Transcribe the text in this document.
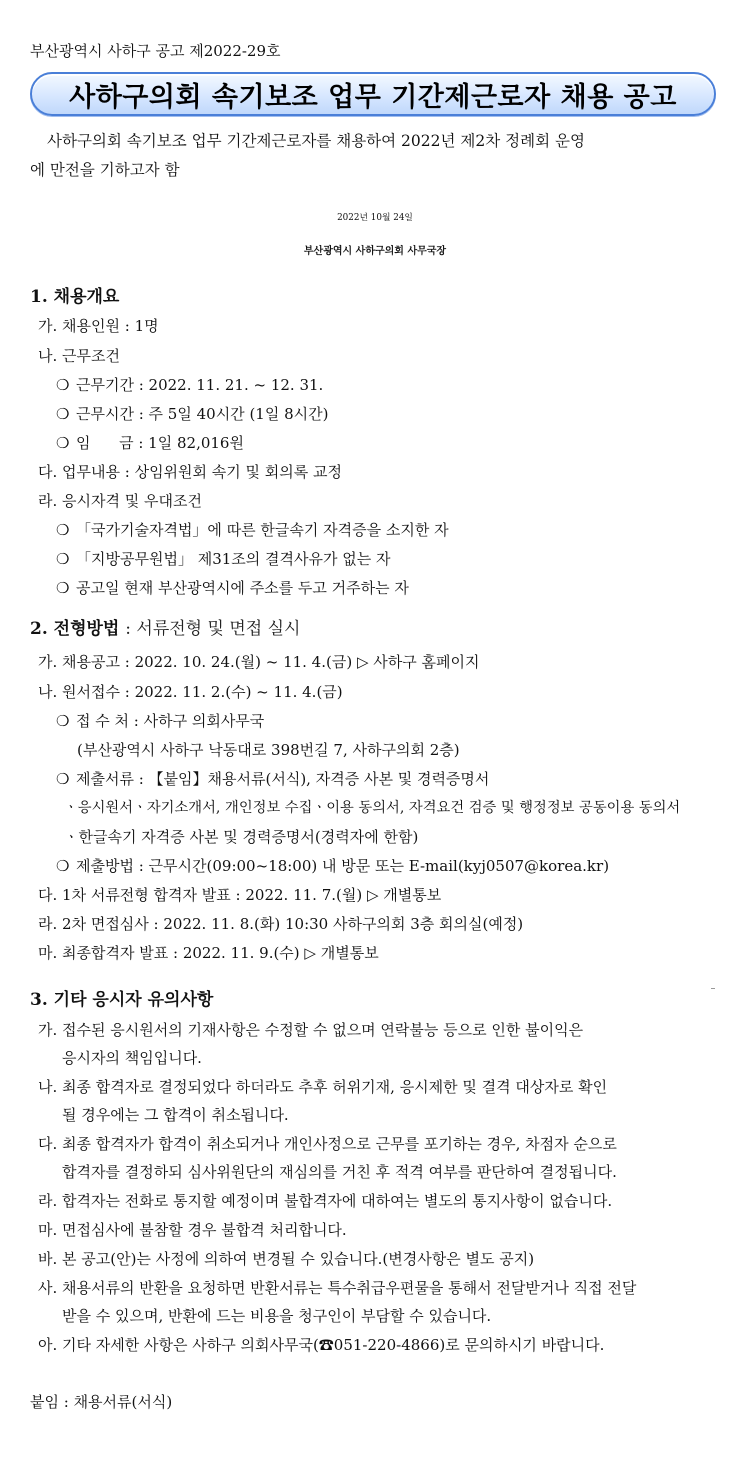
부산광역시 사하구 공고 제2022-29호
사하구의회 속기보조 업무 기간제근로자 채용 공고
사하구의회 속기보조 업무 기간제근로자를 채용하여 2022년 제2차 정례회 운영
에 만전을 기하고자 함
2022년 10월 24일
부산광역시 사하구의회 사무국장
1. 채용개요
가. 채용인원 : 1명
나. 근무조건
❍ 근무기간 : 2022. 11. 21. ~ 12. 31.
❍ 근무시간 : 주 5일 40시간 (1일 8시간)
❍ 임      금 : 1일 82,016원
다. 업무내용 : 상임위원회 속기 및 회의록 교정
라. 응시자격 및 우대조건
❍ 「국가기술자격법」에 따른 한글속기 자격증을 소지한 자
❍ 「지방공무원법」 제31조의 결격사유가 없는 자
❍ 공고일 현재 부산광역시에 주소를 두고 거주하는 자
2. 전형방법 : 서류전형 및 면접 실시
가. 채용공고 : 2022. 10. 24.(월) ~ 11. 4.(금) ▷ 사하구 홈페이지
나. 원서접수 : 2022. 11. 2.(수) ~ 11. 4.(금)
❍ 접 수 처 : 사하구 의회사무국
(부산광역시 사하구 낙동대로 398번길 7, 사하구의회 2층)
❍ 제출서류 : 【붙임】채용서류(서식), 자격증 사본 및 경력증명서
ㆍ응시원서ㆍ자기소개서, 개인정보 수집ㆍ이용 동의서, 자격요건 검증 및 행정정보 공동이용 동의서
ㆍ한글속기 자격증 사본 및 경력증명서(경력자에 한함)
❍ 제출방법 : 근무시간(09:00~18:00) 내 방문 또는 E-mail(kyj0507@korea.kr)
다. 1차 서류전형 합격자 발표 : 2022. 11. 7.(월) ▷ 개별통보
라. 2차 면접심사 : 2022. 11. 8.(화) 10:30 사하구의회 3층 회의실(예정)
마. 최종합격자 발표 : 2022. 11. 9.(수) ▷ 개별통보
3. 기타 응시자 유의사항
가. 접수된 응시원서의 기재사항은 수정할 수 없으며 연락불능 등으로 인한 불이익은
응시자의 책임입니다.
나. 최종 합격자로 결정되었다 하더라도 추후 허위기재, 응시제한 및 결격 대상자로 확인
될 경우에는 그 합격이 취소됩니다.
다. 최종 합격자가 합격이 취소되거나 개인사정으로 근무를 포기하는 경우, 차점자 순으로
합격자를 결정하되 심사위원단의 재심의를 거친 후 적격 여부를 판단하여 결정됩니다.
라. 합격자는 전화로 통지할 예정이며 불합격자에 대하여는 별도의 통지사항이 없습니다.
마. 면접심사에 불참할 경우 불합격 처리합니다.
바. 본 공고(안)는 사정에 의하여 변경될 수 있습니다.(변경사항은 별도 공지)
사. 채용서류의 반환을 요청하면 반환서류는 특수취급우편물을 통해서 전달받거나 직접 전달
받을 수 있으며, 반환에 드는 비용을 청구인이 부담할 수 있습니다.
아. 기타 자세한 사항은 사하구 의회사무국(☎051-220-4866)로 문의하시기 바랍니다.
붙임 : 채용서류(서식)
